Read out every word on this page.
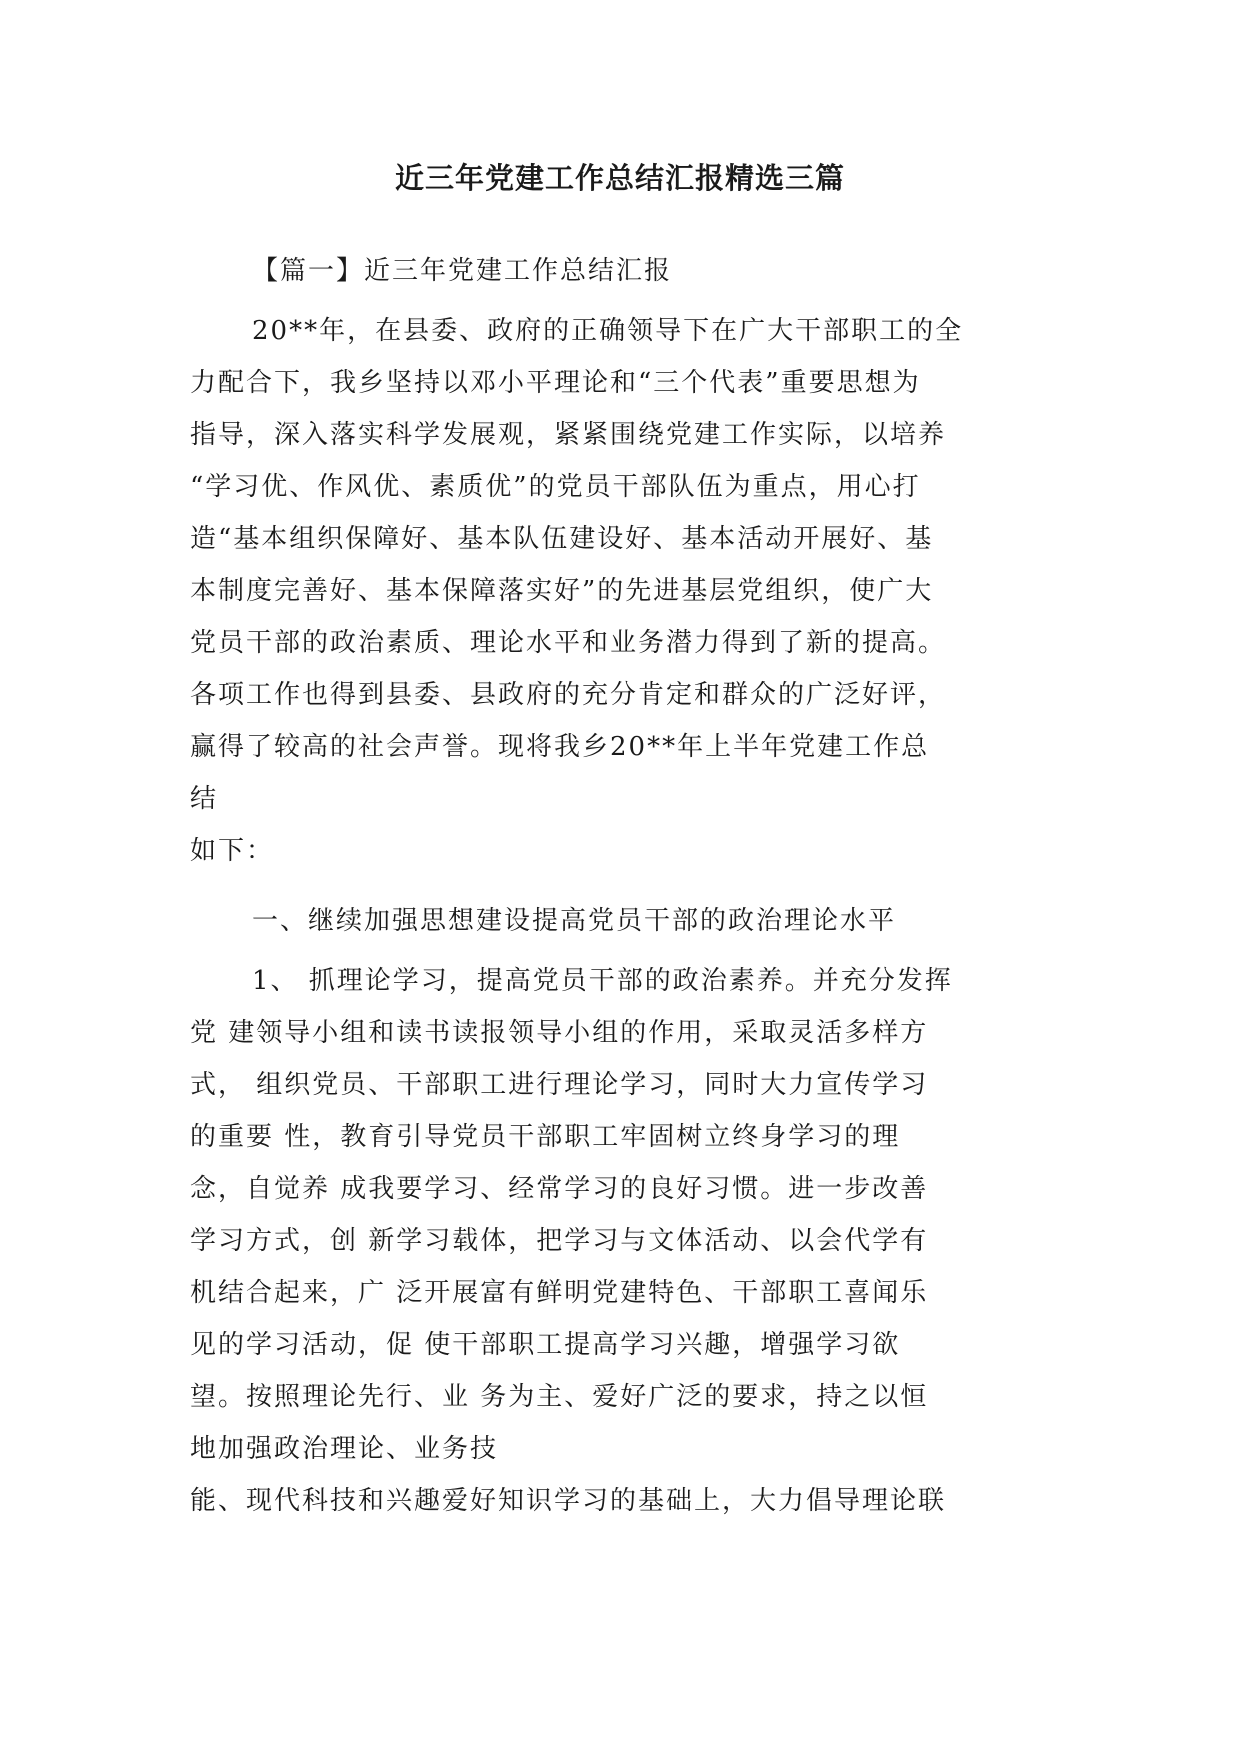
近三年党建工作总结汇报精选三篇
【篇一】近三年党建工作总结汇报
20**年，在县委、政府的正确领导下在广大干部职工的全
力配合下，我乡坚持以邓小平理论和“三个代表”重要思想为
指导，深入落实科学发展观，紧紧围绕党建工作实际，以培养
“学习优、作风优、素质优”的党员干部队伍为重点，用心打
造“基本组织保障好、基本队伍建设好、基本活动开展好、基
本制度完善好、基本保障落实好”的先进基层党组织，使广大
党员干部的政治素质、理论水平和业务潜力得到了新的提高。
各项工作也得到县委、县政府的充分肯定和群众的广泛好评，
赢得了较高的社会声誉。现将我乡20**年上半年党建工作总
结
如下：
一、继续加强思想建设提高党员干部的政治理论水平
1、 抓理论学习，提高党员干部的政治素养。并充分发挥
党 建领导小组和读书读报领导小组的作用，采取灵活多样方
式， 组织党员、干部职工进行理论学习，同时大力宣传学习
的重要 性，教育引导党员干部职工牢固树立终身学习的理
念，自觉养 成我要学习、经常学习的良好习惯。进一步改善
学习方式，创 新学习载体，把学习与文体活动、以会代学有
机结合起来，广 泛开展富有鲜明党建特色、干部职工喜闻乐
见的学习活动，促 使干部职工提高学习兴趣，增强学习欲
望。按照理论先行、业 务为主、爱好广泛的要求，持之以恒
地加强政治理论、业务技
能、现代科技和兴趣爱好知识学习的基础上，大力倡导理论联
